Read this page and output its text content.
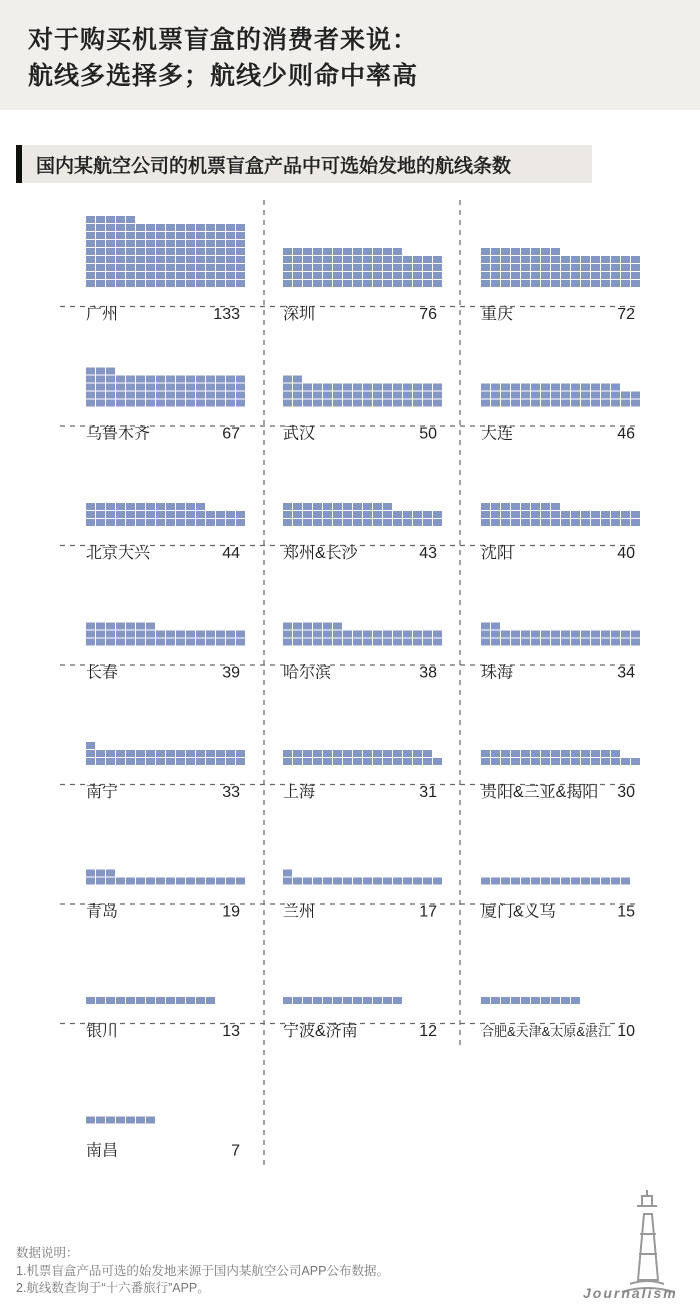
对于购买机票盲盒的消费者来说：
航线多选择多；航线少则命中率高
国内某航空公司的机票盲盒产品中可选始发地的航线条数
广州	133	深圳	76	重庆	72
乌鲁木齐	67	武汉	50	大连	46
北京大兴	44	郑州&长沙	43	沈阳	40
长春	39	哈尔滨	38	珠海	34
南宁	33	上海	31	贵阳&三亚&揭阳 30
青岛	19	兰州	17	厦门&义乌	15
银川	13	宁波&济南	12	合肥&天津&太原&湛江 10
南昌	7
数据说明：
1.机票盲盒产品可选的始发地来源于国内某航空公司APP公布数据。
2.航线数查询于“十六番旅行”APP。	Journalism
